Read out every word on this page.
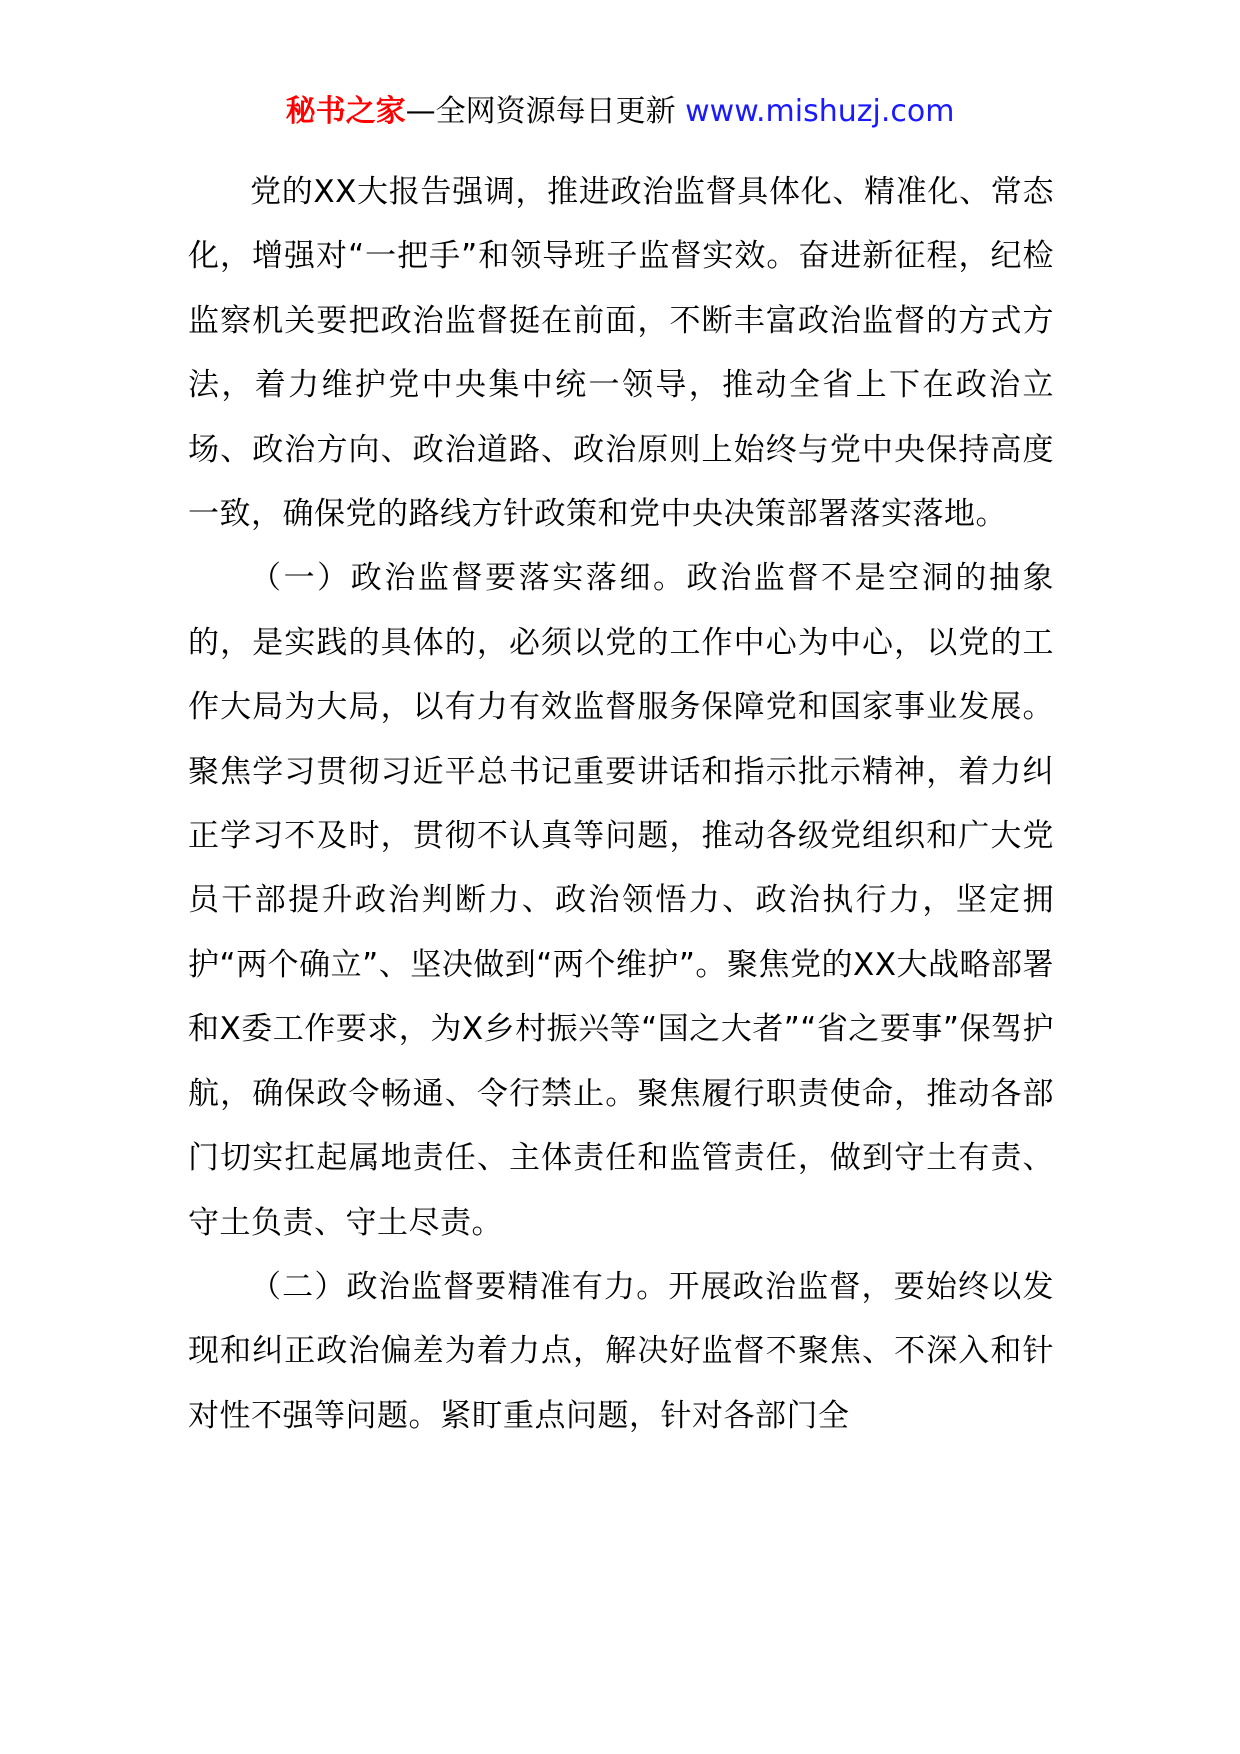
秘书之家—全网资源每日更新 www.mishuzj.com

党的XX大报告强调，推进政治监督具体化、精准化、常态化，增强对“一把手”和领导班子监督实效。奋进新征程，纪检监察机关要把政治监督挺在前面，不断丰富政治监督的方式方法，着力维护党中央集中统一领导，推动全省上下在政治立场、政治方向、政治道路、政治原则上始终与党中央保持高度一致，确保党的路线方针政策和党中央决策部署落实落地。

（一）政治监督要落实落细。政治监督不是空洞的抽象的，是实践的具体的，必须以党的工作中心为中心，以党的工作大局为大局，以有力有效监督服务保障党和国家事业发展。聚焦学习贯彻习近平总书记重要讲话和指示批示精神，着力纠正学习不及时，贯彻不认真等问题，推动各级党组织和广大党员干部提升政治判断力、政治领悟力、政治执行力，坚定拥护“两个确立”、坚决做到“两个维护”。聚焦党的XX大战略部署和X委工作要求，为X乡村振兴等“国之大者”“省之要事”保驾护航，确保政令畅通、令行禁止。聚焦履行职责使命，推动各部门切实扛起属地责任、主体责任和监管责任，做到守土有责、守土负责、守土尽责。

（二）政治监督要精准有力。开展政治监督，要始终以发现和纠正政治偏差为着力点，解决好监督不聚焦、不深入和针对性不强等问题。紧盯重点问题，针对各部门全
